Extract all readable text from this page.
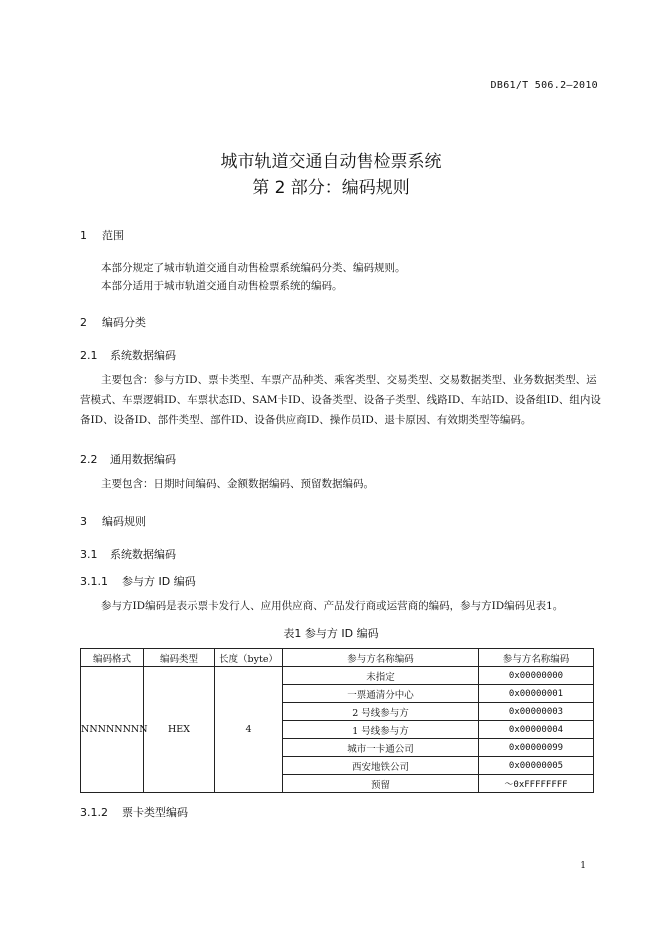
DB61/T 506.2—2010
城市轨道交通自动售检票系统
第 2 部分：编码规则
1 范围
本部分规定了城市轨道交通自动售检票系统编码分类、编码规则。
本部分适用于城市轨道交通自动售检票系统的编码。
2 编码分类
2.1 系统数据编码
主要包含：参与方ID、票卡类型、车票产品种类、乘客类型、交易类型、交易数据类型、业务数据类型、运营模式、车票逻辑ID、车票状态ID、SAM卡ID、设备类型、设备子类型、线路ID、车站ID、设备组ID、组内设备ID、设备ID、部件类型、部件ID、设备供应商ID、操作员ID、退卡原因、有效期类型等编码。
2.2 通用数据编码
主要包含：日期时间编码、金额数据编码、预留数据编码。
3 编码规则
3.1 系统数据编码
3.1.1 参与方 ID 编码
参与方ID编码是表示票卡发行人、应用供应商、产品发行商或运营商的编码，参与方ID编码见表1。
表1 参与方 ID 编码
编码格式	编码类型	长度（byte）	参与方名称编码	参与方名称编码
NNNNNNNN	HEX	4	未指定	0x00000000
			一票通清分中心	0x00000001
			2 号线参与方	0x00000003
			1 号线参与方	0x00000004
			城市一卡通公司	0x00000099
			西安地铁公司	0x00000005
			预留	～0xFFFFFFFF
3.1.2 票卡类型编码
1
